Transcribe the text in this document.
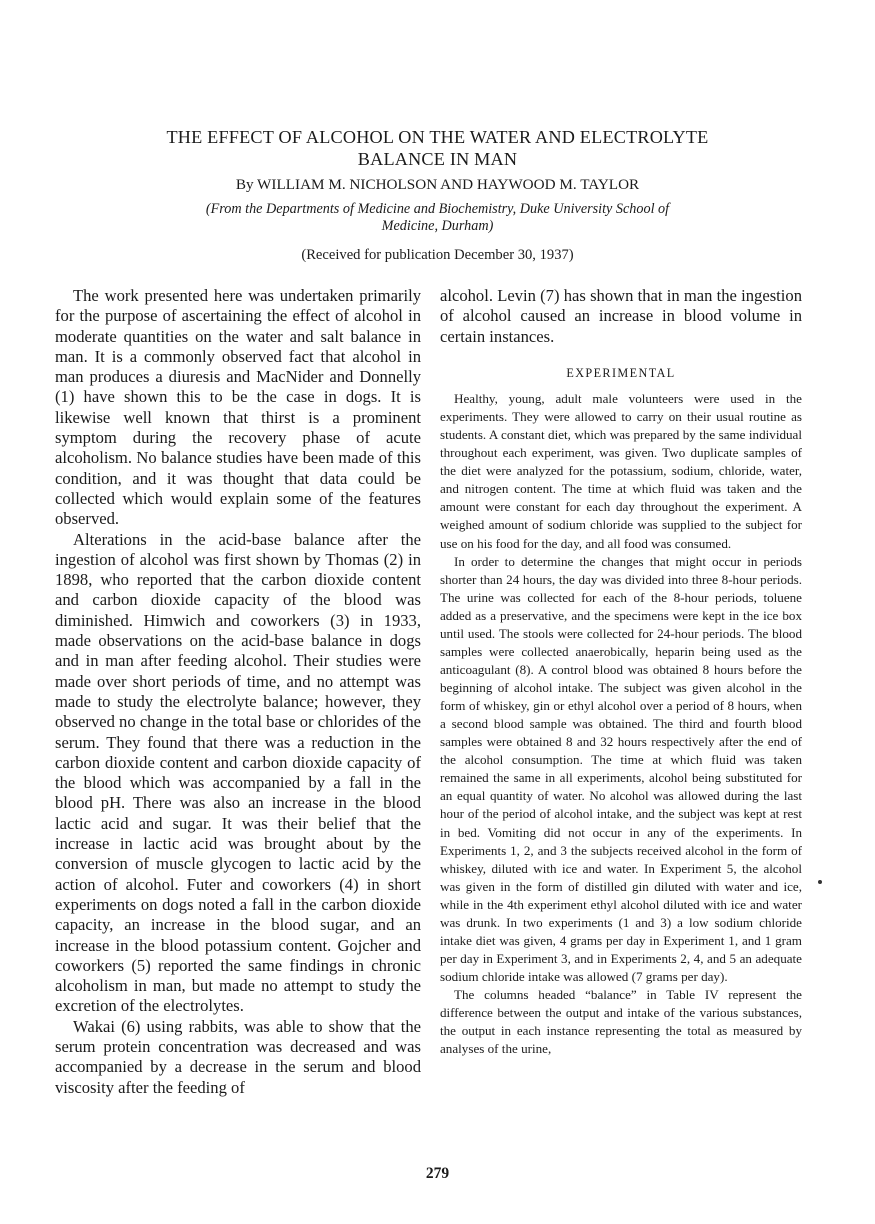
THE EFFECT OF ALCOHOL ON THE WATER AND ELECTROLYTE
BALANCE IN MAN
By WILLIAM M. NICHOLSON AND HAYWOOD M. TAYLOR
(From the Departments of Medicine and Biochemistry, Duke University School of
Medicine, Durham)
(Received for publication December 30, 1937)

The work presented here was undertaken primarily for the purpose of ascertaining the effect of alcohol in moderate quantities on the water and salt balance in man. It is a commonly observed fact that alcohol in man produces a diuresis and MacNider and Donnelly (1) have shown this to be the case in dogs. It is likewise well known that thirst is a prominent symptom during the recovery phase of acute alcoholism. No balance studies have been made of this condition, and it was thought that data could be collected which would explain some of the features observed.

Alterations in the acid-base balance after the ingestion of alcohol was first shown by Thomas (2) in 1898, who reported that the carbon dioxide content and carbon dioxide capacity of the blood was diminished. Himwich and coworkers (3) in 1933, made observations on the acid-base balance in dogs and in man after feeding alcohol. Their studies were made over short periods of time, and no attempt was made to study the electrolyte balance; however, they observed no change in the total base or chlorides of the serum. They found that there was a reduction in the carbon dioxide content and carbon dioxide capacity of the blood which was accompanied by a fall in the blood pH. There was also an increase in the blood lactic acid and sugar. It was their belief that the increase in lactic acid was brought about by the conversion of muscle glycogen to lactic acid by the action of alcohol. Futer and coworkers (4) in short experiments on dogs noted a fall in the carbon dioxide capacity, an increase in the blood sugar, and an increase in the blood potassium content. Gojcher and coworkers (5) reported the same findings in chronic alcoholism in man, but made no attempt to study the excretion of the electrolytes.

Wakai (6) using rabbits, was able to show that the serum protein concentration was decreased and was accompanied by a decrease in the serum and blood viscosity after the feeding of

alcohol. Levin (7) has shown that in man the ingestion of alcohol caused an increase in blood volume in certain instances.

EXPERIMENTAL

Healthy, young, adult male volunteers were used in the experiments. They were allowed to carry on their usual routine as students. A constant diet, which was prepared by the same individual throughout each experiment, was given. Two duplicate samples of the diet were analyzed for the potassium, sodium, chloride, water, and nitrogen content. The time at which fluid was taken and the amount were constant for each day throughout the experiment. A weighed amount of sodium chloride was supplied to the subject for use on his food for the day, and all food was consumed.

In order to determine the changes that might occur in periods shorter than 24 hours, the day was divided into three 8-hour periods. The urine was collected for each of the 8-hour periods, toluene added as a preservative, and the specimens were kept in the ice box until used. The stools were collected for 24-hour periods. The blood samples were collected anaerobically, heparin being used as the anticoagulant (8). A control blood was obtained 8 hours before the beginning of alcohol intake. The subject was given alcohol in the form of whiskey, gin or ethyl alcohol over a period of 8 hours, when a second blood sample was obtained. The third and fourth blood samples were obtained 8 and 32 hours respectively after the end of the alcohol consumption. The time at which fluid was taken remained the same in all experiments, alcohol being substituted for an equal quantity of water. No alcohol was allowed during the last hour of the period of alcohol intake, and the subject was kept at rest in bed. Vomiting did not occur in any of the experiments. In Experiments 1, 2, and 3 the subjects received alcohol in the form of whiskey, diluted with ice and water. In Experiment 5, the alcohol was given in the form of distilled gin diluted with water and ice, while in the 4th experiment ethyl alcohol diluted with ice and water was drunk. In two experiments (1 and 3) a low sodium chloride intake diet was given, 4 grams per day in Experiment 1, and 1 gram per day in Experiment 3, and in Experiments 2, 4, and 5 an adequate sodium chloride intake was allowed (7 grams per day).

The columns headed “balance” in Table IV represent the difference between the output and intake of the various substances, the output in each instance representing the total as measured by analyses of the urine,

279
